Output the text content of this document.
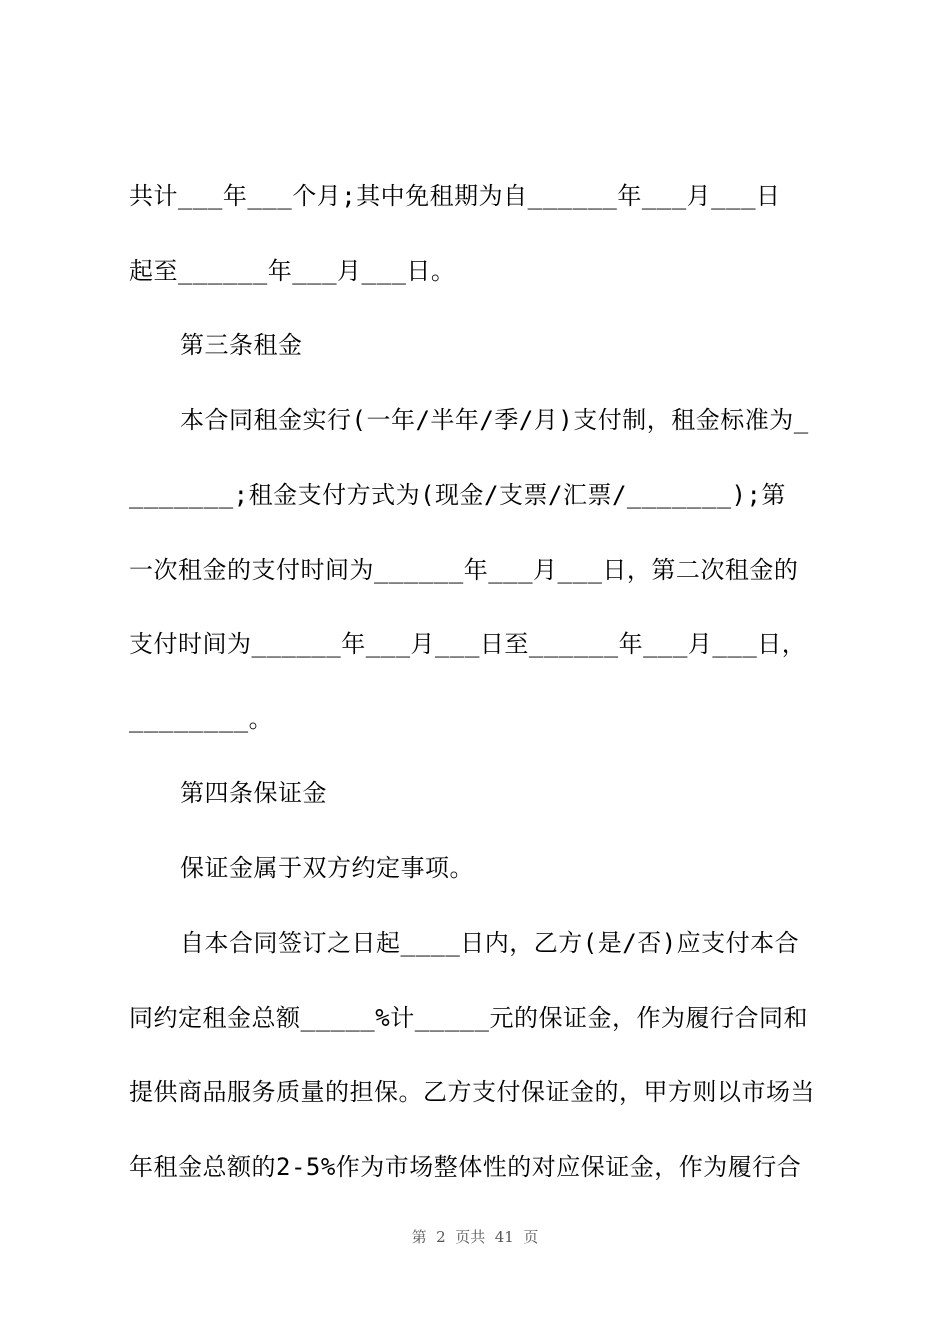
共计___年___个月;其中免租期为自______年___月___日
起至______年___月___日。
第三条租金
本合同租金实行(一年/半年/季/月)支付制，租金标准为_
_______;租金支付方式为(现金/支票/汇票/_______);第
一次租金的支付时间为______年___月___日，第二次租金的
支付时间为______年___月___日至______年___月___日，
________。
第四条保证金
保证金属于双方约定事项。
自本合同签订之日起____日内，乙方(是/否)应支付本合
同约定租金总额_____%计_____元的保证金，作为履行合同和
提供商品服务质量的担保。乙方支付保证金的，甲方则以市场当
年租金总额的2-5%作为市场整体性的对应保证金，作为履行合
第  2  页共  41  页
